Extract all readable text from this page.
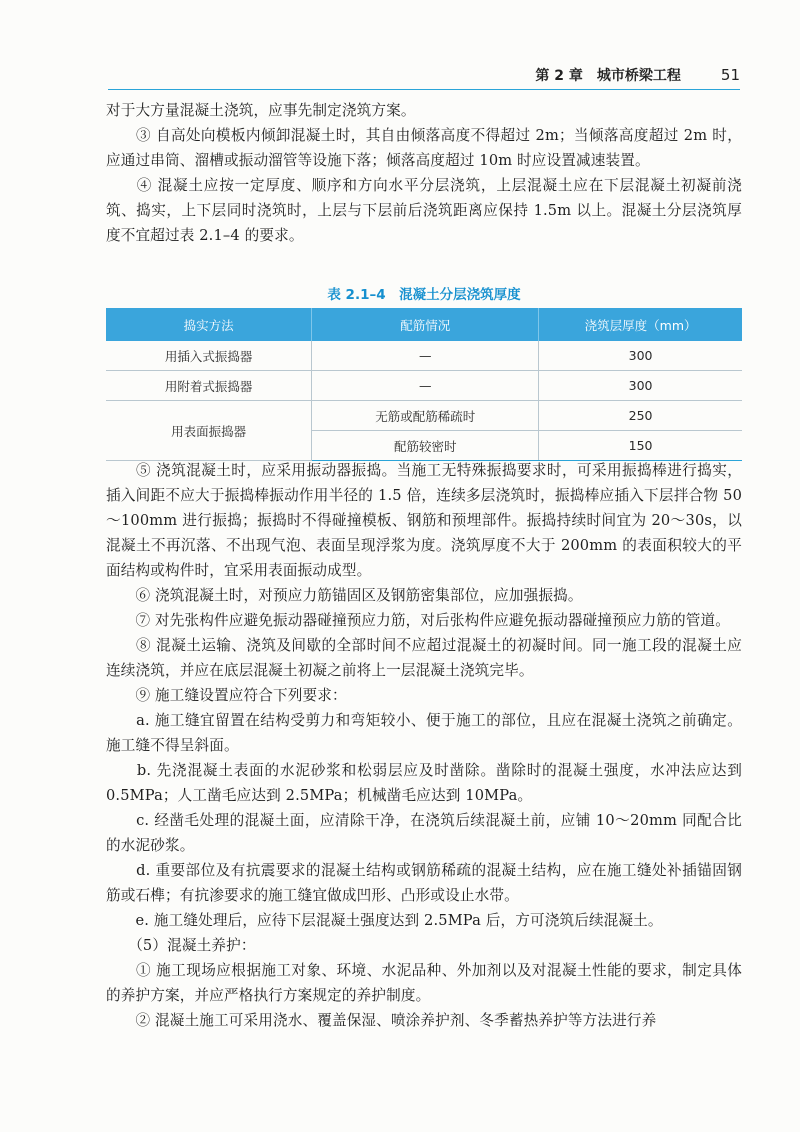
第 2 章　城市桥梁工程	51

对于大方量混凝土浇筑，应事先制定浇筑方案。

　　③ 自高处向模板内倾卸混凝土时，其自由倾落高度不得超过 2m；当倾落高度超过 2m 时，应通过串筒、溜槽或振动溜管等设施下落；倾落高度超过 10m 时应设置减速装置。

　　④ 混凝土应按一定厚度、顺序和方向水平分层浇筑，上层混凝土应在下层混凝土初凝前浇筑、捣实，上下层同时浇筑时，上层与下层前后浇筑距离应保持 1.5m 以上。混凝土分层浇筑厚度不宜超过表 2.1–4 的要求。

表 2.1–4　混凝土分层浇筑厚度
捣实方法	配筋情况	浇筑层厚度（mm）
用插入式振捣器	—	300
用附着式振捣器	—	300
用表面振捣器	无筋或配筋稀疏时	250
	配筋较密时	150

　　⑤ 浇筑混凝土时，应采用振动器振捣。当施工无特殊振捣要求时，可采用振捣棒进行捣实，插入间距不应大于振捣棒振动作用半径的 1.5 倍，连续多层浇筑时，振捣棒应插入下层拌合物 50～100mm 进行振捣；振捣时不得碰撞模板、钢筋和预埋部件。振捣持续时间宜为 20～30s，以混凝土不再沉落、不出现气泡、表面呈现浮浆为度。浇筑厚度不大于 200mm 的表面积较大的平面结构或构件时，宜采用表面振动成型。

　　⑥ 浇筑混凝土时，对预应力筋锚固区及钢筋密集部位，应加强振捣。

　　⑦ 对先张构件应避免振动器碰撞预应力筋，对后张构件应避免振动器碰撞预应力筋的管道。

　　⑧ 混凝土运输、浇筑及间歇的全部时间不应超过混凝土的初凝时间。同一施工段的混凝土应连续浇筑，并应在底层混凝土初凝之前将上一层混凝土浇筑完毕。

　　⑨ 施工缝设置应符合下列要求：

　　a. 施工缝宜留置在结构受剪力和弯矩较小、便于施工的部位，且应在混凝土浇筑之前确定。施工缝不得呈斜面。

　　b. 先浇混凝土表面的水泥砂浆和松弱层应及时凿除。凿除时的混凝土强度，水冲法应达到 0.5MPa；人工凿毛应达到 2.5MPa；机械凿毛应达到 10MPa。

　　c. 经凿毛处理的混凝土面，应清除干净，在浇筑后续混凝土前，应铺 10～20mm 同配合比的水泥砂浆。

　　d. 重要部位及有抗震要求的混凝土结构或钢筋稀疏的混凝土结构，应在施工缝处补插锚固钢筋或石榫；有抗渗要求的施工缝宜做成凹形、凸形或设止水带。

　　e. 施工缝处理后，应待下层混凝土强度达到 2.5MPa 后，方可浇筑后续混凝土。

　　（5）混凝土养护：

　　① 施工现场应根据施工对象、环境、水泥品种、外加剂以及对混凝土性能的要求，制定具体的养护方案，并应严格执行方案规定的养护制度。

　　② 混凝土施工可采用浇水、覆盖保湿、喷涂养护剂、冬季蓄热养护等方法进行养
